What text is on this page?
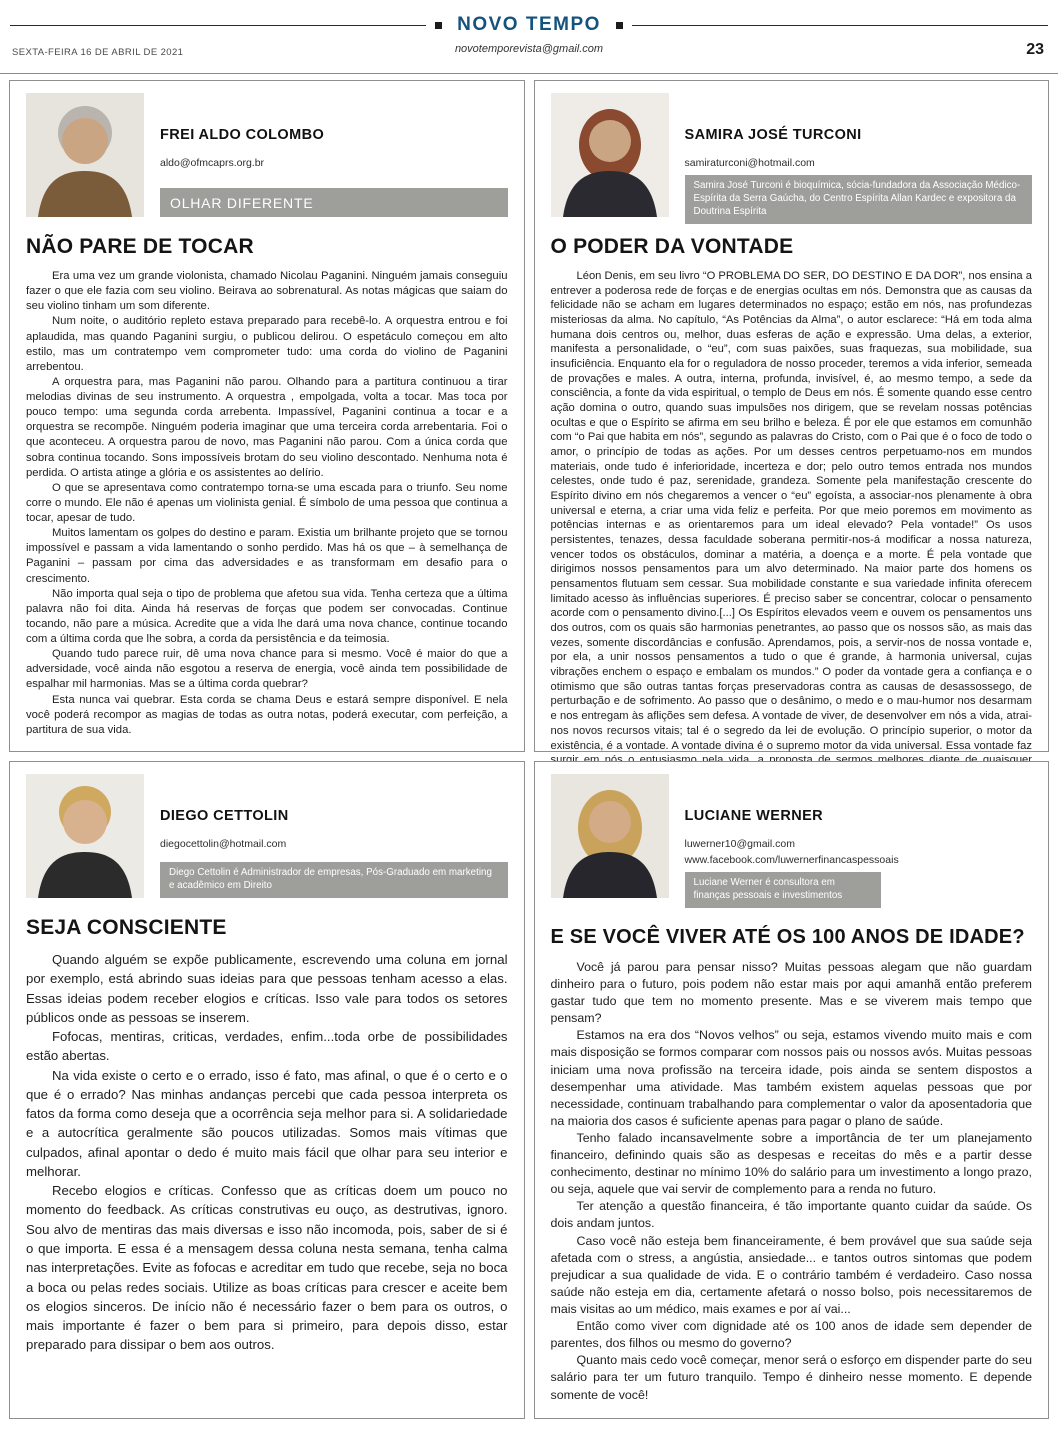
NOVO TEMPO
SEXTA-FEIRA 16 DE ABRIL DE 2021	novotemporevista@gmail.com	23
FREI ALDO COLOMBO
aldo@ofmcaprs.org.br
OLHAR DIFERENTE
NÃO PARE DE TOCAR

Era uma vez um grande violonista, chamado Nicolau Paganini. Ninguém jamais conseguiu fazer o que ele fazia com seu violino. Beirava ao sobrenatural. As notas mágicas que saiam do seu violino tinham um som diferente.

Num noite, o auditório repleto estava preparado para recebê-lo. A orquestra entrou e foi aplaudida, mas quando Paganini surgiu, o publicou delirou. O espetáculo começou em alto estilo, mas um contratempo vem comprometer tudo: uma corda do violino de Paganini arrebentou.

A orquestra para, mas Paganini não parou. Olhando para a partitura continuou a tirar melodias divinas de seu instrumento. A orquestra , empolgada, volta a tocar. Mas toca por pouco tempo: uma segunda corda arrebenta. Impassível, Paganini continua a tocar e a orquestra se recompõe. Ninguém poderia imaginar que uma terceira corda arrebentaria. Foi o que aconteceu. A orquestra parou de novo, mas Paganini não parou. Com a única corda que sobra continua tocando. Sons impossíveis brotam do seu violino descontado. Nenhuma nota é perdida. O artista atinge a glória e os assistentes ao delírio.

O que se apresentava como contratempo torna-se uma escada para o triunfo. Seu nome corre o mundo. Ele não é apenas um violinista genial. É símbolo de uma pessoa que continua a tocar, apesar de tudo.

Muitos lamentam os golpes do destino e param. Existia um brilhante projeto que se tornou impossível e passam a vida lamentando o sonho perdido. Mas há os que – à semelhança de Paganini – passam por cima das adversidades e as transformam em desafio para o crescimento.

Não importa qual seja o tipo de problema que afetou sua vida. Tenha certeza que a última palavra não foi dita. Ainda há reservas de forças que podem ser convocadas. Continue tocando, não pare a música. Acredite que a vida lhe dará uma nova chance, continue tocando com a última corda que lhe sobra, a corda da persistência e da teimosia.

Quando tudo parece ruir, dê uma nova chance para si mesmo. Você é maior do que a adversidade, você ainda não esgotou a reserva de energia, você ainda tem possibilidade de espalhar mil harmonias. Mas se a última corda quebrar?

Esta nunca vai quebrar. Esta corda se chama Deus e estará sempre disponível. E nela você poderá recompor as magias de todas as outra notas, poderá executar, com perfeição, a partitura de sua vida.

SAMIRA JOSÉ TURCONI
samiraturconi@hotmail.com
Samira José Turconi é bioquímica, sócia-fundadora da Associação Médico-Espírita da Serra Gaúcha, do Centro Espírita Allan Kardec e expositora da Doutrina Espírita
O PODER DA VONTADE

Léon Denis, em seu livro “O PROBLEMA DO SER, DO DESTINO E DA DOR”, nos ensina a entrever a poderosa rede de forças e de energias ocultas em nós. Demonstra que as causas da felicidade não se acham em lugares determinados no espaço; estão em nós, nas profundezas misteriosas da alma. No capítulo, “As Potências da Alma”, o autor esclarece: “Há em toda alma humana dois centros ou, melhor, duas esferas de ação e expressão. Uma delas, a exterior, manifesta a personalidade, o “eu”, com suas paixões, suas fraquezas, sua mobilidade, sua insuficiência. Enquanto ela for o reguladora de nosso proceder, teremos a vida inferior, semeada de provações e males. A outra, interna, profunda, invisível, é, ao mesmo tempo, a sede da consciência, a fonte da vida espiritual, o templo de Deus em nós. É somente quando esse centro ação domina o outro, quando suas impulsões nos dirigem, que se revelam nossas potências ocultas e que o Espírito se afirma em seu brilho e beleza. É por ele que estamos em comunhão com “o Pai que habita em nós”, segundo as palavras do Cristo, com o Pai que é o foco de todo o amor, o princípio de todas as ações. Por um desses centros perpetuamo-nos em mundos materiais, onde tudo é inferioridade, incerteza e dor; pelo outro temos entrada nos mundos celestes, onde tudo é paz, serenidade, grandeza. Somente pela manifestação crescente do Espírito divino em nós chegaremos a vencer o “eu” egoísta, a associar-nos plenamente à obra universal e eterna, a criar uma vida feliz e perfeita. Por que meio poremos em movimento as potências internas e as orientaremos para um ideal elevado? Pela vontade!” Os usos persistentes, tenazes, dessa faculdade soberana permitir-nos-á modificar a nossa natureza, vencer todos os obstáculos, dominar a matéria, a doença e a morte. É pela vontade que dirigimos nossos pensamentos para um alvo determinado. Na maior parte dos homens os pensamentos flutuam sem cessar. Sua mobilidade constante e sua variedade infinita oferecem limitado acesso às influências superiores. É preciso saber se concentrar, colocar o pensamento acorde com o pensamento divino.[...] Os Espíritos elevados veem e ouvem os pensamentos uns dos outros, com os quais são harmonias penetrantes, ao passo que os nossos são, as mais das vezes, somente discordâncias e confusão. Aprendamos, pois, a servir-nos de nossa vontade e, por ela, a unir nossos pensamentos a tudo o que é grande, à harmonia universal, cujas vibrações enchem o espaço e embalam os mundos.” O poder da vontade gera a confiança e o otimismo que são outras tantas forças preservadoras contra as causas de desassossego, de perturbação e de sofrimento. Ao passo que o desânimo, o medo e o mau-humor nos desarmam e nos entregam às aflições sem defesa. A vontade de viver, de desenvolver em nós a vida, atrai-nos novos recursos vitais; tal é o segredo da lei de evolução. O princípio superior, o motor da existência, é a vontade. A vontade divina é o supremo motor da vida universal. Essa vontade faz

DIEGO CETTOLIN
diegocettolin@hotmail.com
Diego Cettolin é Administrador de empresas, Pós-Graduado em marketing e acadêmico em Direito
SEJA CONSCIENTE

Quando alguém se expõe publicamente, escrevendo uma coluna em jornal por exemplo, está abrindo suas ideias para que pessoas tenham acesso a elas. Essas ideias podem receber elogios e críticas. Isso vale para todos os setores públicos onde as pessoas se inserem.

Fofocas, mentiras, criticas, verdades, enfim...toda orbe de possibilidades estão abertas.

Na vida existe o certo e o errado, isso é fato, mas afinal, o que é o certo e o que é o errado? Nas minhas andanças percebi que cada pessoa interpreta os fatos da forma como deseja que a ocorrência seja melhor para si. A solidariedade e a autocrítica geralmente são poucos utilizadas. Somos mais vítimas que culpados, afinal apontar o dedo é muito mais fácil que olhar para seu interior e melhorar.

Recebo elogios e críticas. Confesso que as críticas doem um pouco no momento do feedback. As críticas construtivas eu ouço, as destrutivas, ignoro. Sou alvo de mentiras das mais diversas e isso não incomoda, pois, saber de si é o que importa. E essa é a mensagem dessa coluna nesta semana, tenha calma nas interpretações. Evite as fofocas e acreditar em tudo que recebe, seja no boca a boca ou pelas redes sociais. Utilize as boas críticas para crescer e aceite bem os elogios sinceros. De início não é necessário fazer o bem para os outros, o mais importante é fazer o bem para si primeiro, para depois disso, estar preparado para dissipar o bem aos outros.

LUCIANE WERNER
luwerner10@gmail.com
www.facebook.com/luwernerfinancaspessoais
Luciane Werner é consultora em finanças pessoais e investimentos
E SE VOCÊ VIVER ATÉ OS 100 ANOS DE IDADE?

Você já parou para pensar nisso? Muitas pessoas alegam que não guardam dinheiro para o futuro, pois podem não estar mais por aqui amanhã então preferem gastar tudo que tem no momento presente. Mas e se viverem mais tempo que pensam?

Estamos na era dos “Novos velhos” ou seja, estamos vivendo muito mais e com mais disposição se formos comparar com nossos pais ou nossos avós. Muitas pessoas iniciam uma nova profissão na terceira idade, pois ainda se sentem dispostos a desempenhar uma atividade. Mas também existem aquelas pessoas que por necessidade, continuam trabalhando para complementar o valor da aposentadoria que na maioria dos casos é suficiente apenas para pagar o plano de saúde.

Tenho falado incansavelmente sobre a importância de ter um planejamento financeiro, definindo quais são as despesas e receitas do mês e a partir desse conhecimento, destinar no mínimo 10% do salário para um investimento a longo prazo, ou seja, aquele que vai servir de complemento para a renda no futuro.

Ter atenção a questão financeira, é tão importante quanto cuidar da saúde. Os dois andam juntos.

Caso você não esteja bem financeiramente, é bem provável que sua saúde seja afetada com o stress, a angústia, ansiedade... e tantos outros sintomas que podem prejudicar a sua qualidade de vida. E o contrário também é verdadeiro. Caso nossa saúde não esteja em dia, certamente afetará o nosso bolso, pois necessitaremos de mais visitas ao um médico, mais exames e por aí vai...

Então como viver com dignidade até os 100 anos de idade sem depender de parentes, dos filhos ou mesmo do governo?

Quanto mais cedo você começar, menor será o esforço em dispender parte do seu salário para ter um futuro tranquilo. Tempo é dinheiro nesse momento. E depende somente de você!
